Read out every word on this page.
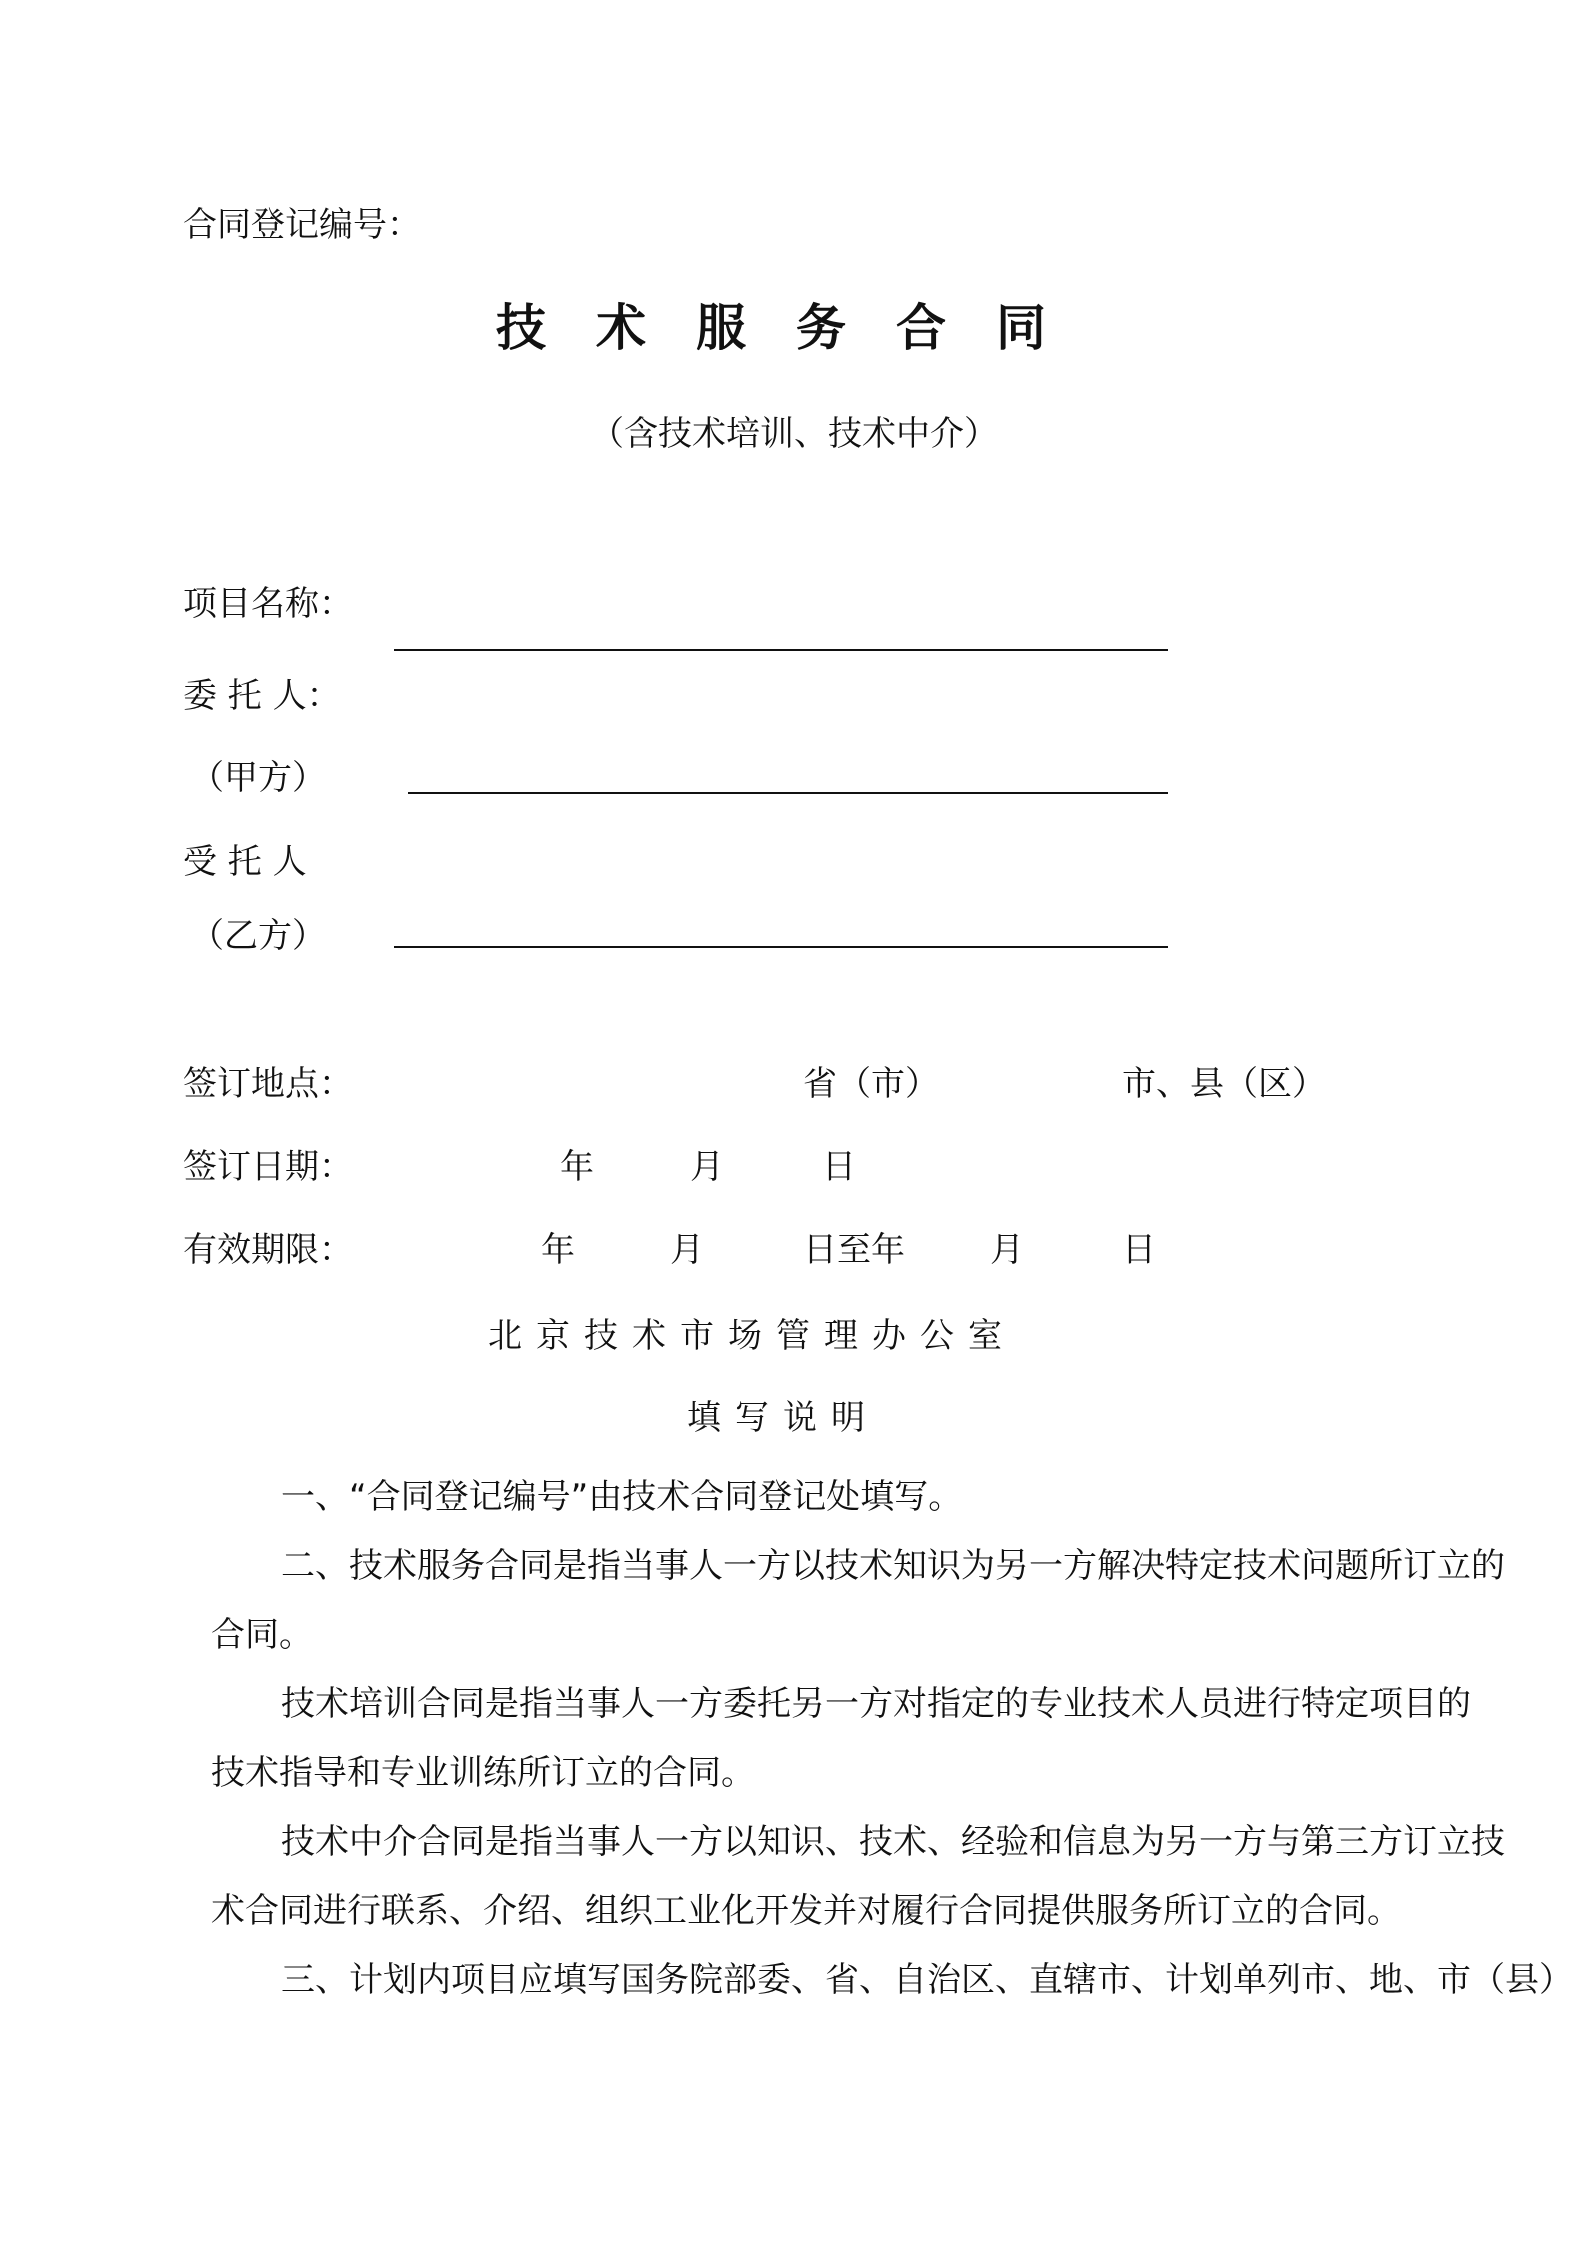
合同登记编号：
技术服务合同
（含技术培训、技术中介）
项目名称：
委 托 人：
（甲方）
受 托 人
（乙方）
签订地点：	省（市）	市、县（区）
签订日期：	年	月	日
有效期限：	年	月	日至年	月	日
北京技术市场管理办公室
填写说明
一、“合同登记编号”由技术合同登记处填写。
二、技术服务合同是指当事人一方以技术知识为另一方解决特定技术问题所订立的
合同。
技术培训合同是指当事人一方委托另一方对指定的专业技术人员进行特定项目的
技术指导和专业训练所订立的合同。
技术中介合同是指当事人一方以知识、技术、经验和信息为另一方与第三方订立技
术合同进行联系、介绍、组织工业化开发并对履行合同提供服务所订立的合同。
三、计划内项目应填写国务院部委、省、自治区、直辖市、计划单列市、地、市（县）
